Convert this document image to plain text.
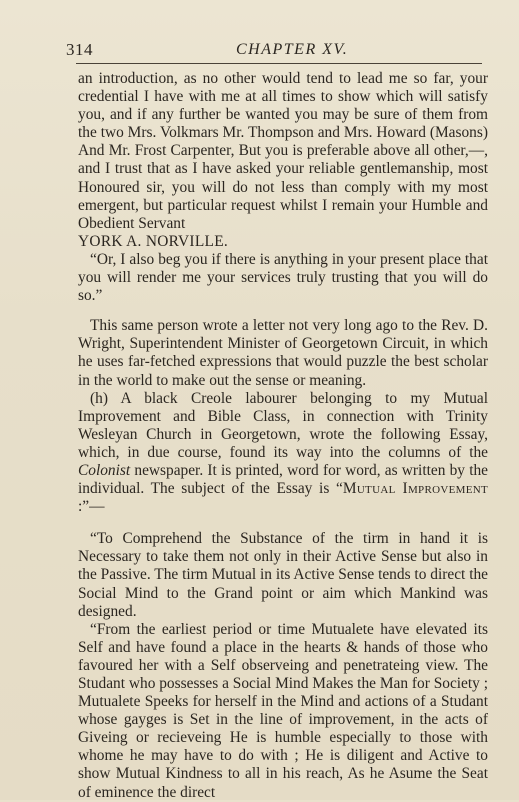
314	CHAPTER XV.

an introduction, as no other would tend to lead me so far, your credential I have with me at all times to show which will satisfy you, and if any further be wanted you may be sure of them from the two Mrs. Volkmars Mr. Thompson and Mrs. Howard (Masons) And Mr. Frost Carpenter, But you is preferable above all other,—, and I trust that as I have asked your reliable gentlemanship, most Honoured sir, you will do not less than comply with my most emergent, but particular request whilst I remain your Humble and Obedient Servant
YORK A. NORVILLE.

“Or, I also beg you if there is anything in your present place that you will render me your services truly trusting that you will do so.”

This same person wrote a letter not very long ago to the Rev. D. Wright, Superintendent Minister of Georgetown Circuit, in which he uses far-fetched expressions that would puzzle the best scholar in the world to make out the sense or meaning.

(h) A black Creole labourer belonging to my Mutual Improvement and Bible Class, in connection with Trinity Wesleyan Church in Georgetown, wrote the following Essay, which, in due course, found its way into the columns of the Colonist newspaper. It is printed, word for word, as written by the individual. The subject of the Essay is “Mutual Improvement :”—

“To Comprehend the Substance of the tirm in hand it is Necessary to take them not only in their Active Sense but also in the Passive. The tirm Mutual in its Active Sense tends to direct the Social Mind to the Grand point or aim which Mankind was designed.

“From the earliest period or time Mutualete have elevated its Self and have found a place in the hearts & hands of those who favoured her with a Self observeing and penetrateing view. The Studant who possesses a Social Mind Makes the Man for Society ; Mutualete Speeks for herself in the Mind and actions of a Studant whose gayges is Set in the line of improvement, in the acts of Giveing or recieveing He is humble especially to those with whome he may have to do with ; He is diligent and Active to show Mutual Kindness to all in his reach, As he Asume the Seat of eminence the direct
